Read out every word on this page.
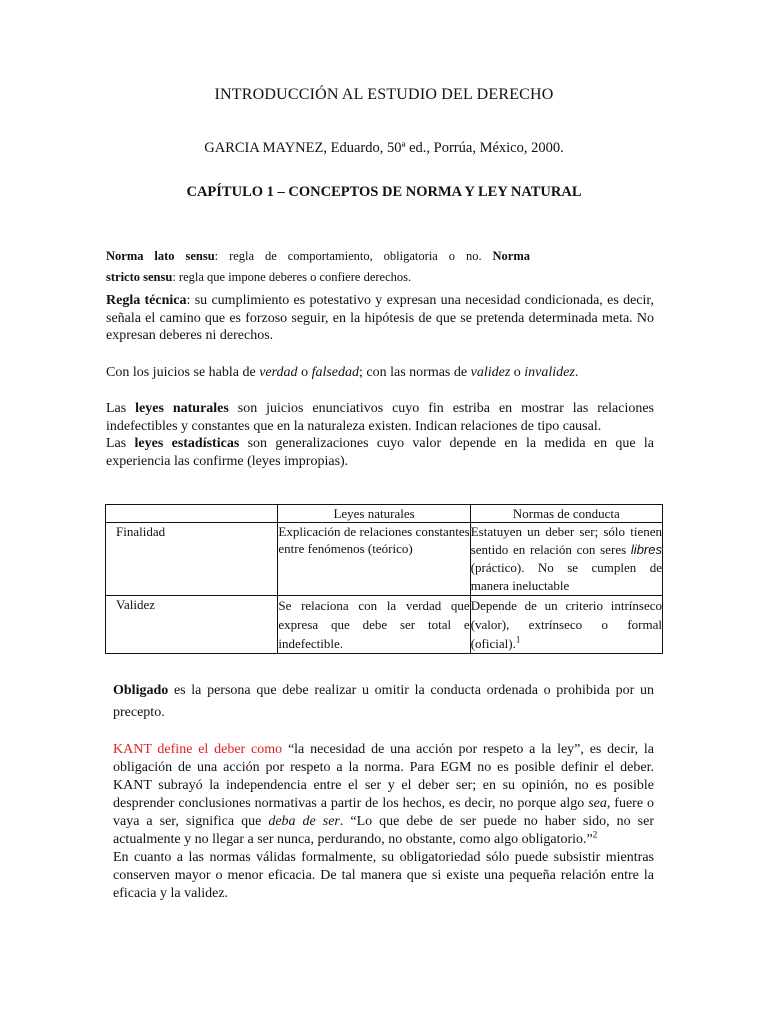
INTRODUCCIÓN AL ESTUDIO DEL DERECHO
GARCIA MAYNEZ, Eduardo, 50ª ed., Porrúa, México, 2000.
CAPÍTULO 1 – CONCEPTOS DE NORMA Y LEY NATURAL

Norma lato sensu: regla de comportamiento, obligatoria o no. Norma

stricto sensu: regla que impone deberes o confiere derechos.

Regla técnica: su cumplimiento es potestativo y expresan una necesidad condicionada, es decir, señala el camino que es forzoso seguir, en la hipótesis de que se pretenda determinada meta. No expresan deberes ni derechos.

Con los juicios se habla de verdad o falsedad; con las normas de validez o invalidez.

Las leyes naturales son juicios enunciativos cuyo fin estriba en mostrar las relaciones indefectibles y constantes que en la naturaleza existen. Indican relaciones de tipo causal.
Las leyes estadísticas son generalizaciones cuyo valor depende en la medida en que la experiencia las confirme (leyes impropias).

	Leyes naturales	Normas de conducta
Finalidad	Explicación de relaciones constantes entre fenómenos (teórico)	Estatuyen un deber ser; sólo tienen sentido en relación con seres libres (práctico). No se cumplen de manera ineluctable
Validez	Se relaciona con la verdad que expresa que debe ser total e indefectible.	Depende de un criterio intrínseco (valor), extrínseco o formal (oficial).$^1$

Obligado es la persona que debe realizar u omitir la conducta ordenada o prohibida por un precepto.

KANT define el deber como “la necesidad de una acción por respeto a la ley”, es decir, la obligación de una acción por respeto a la norma. Para EGM no es posible definir el deber. KANT subrayó la independencia entre el ser y el deber ser; en su opinión, no es posible desprender conclusiones normativas a partir de los hechos, es decir, no porque algo sea, fuere o vaya a ser, significa que deba de ser. “Lo que debe de ser puede no haber sido, no ser actualmente y no llegar a ser nunca, perdurando, no obstante, como algo obligatorio.”$^2$
En cuanto a las normas válidas formalmente, su obligatoriedad sólo puede subsistir mientras conserven mayor o menor eficacia. De tal manera que si existe una pequeña relación entre la eficacia y la validez.
